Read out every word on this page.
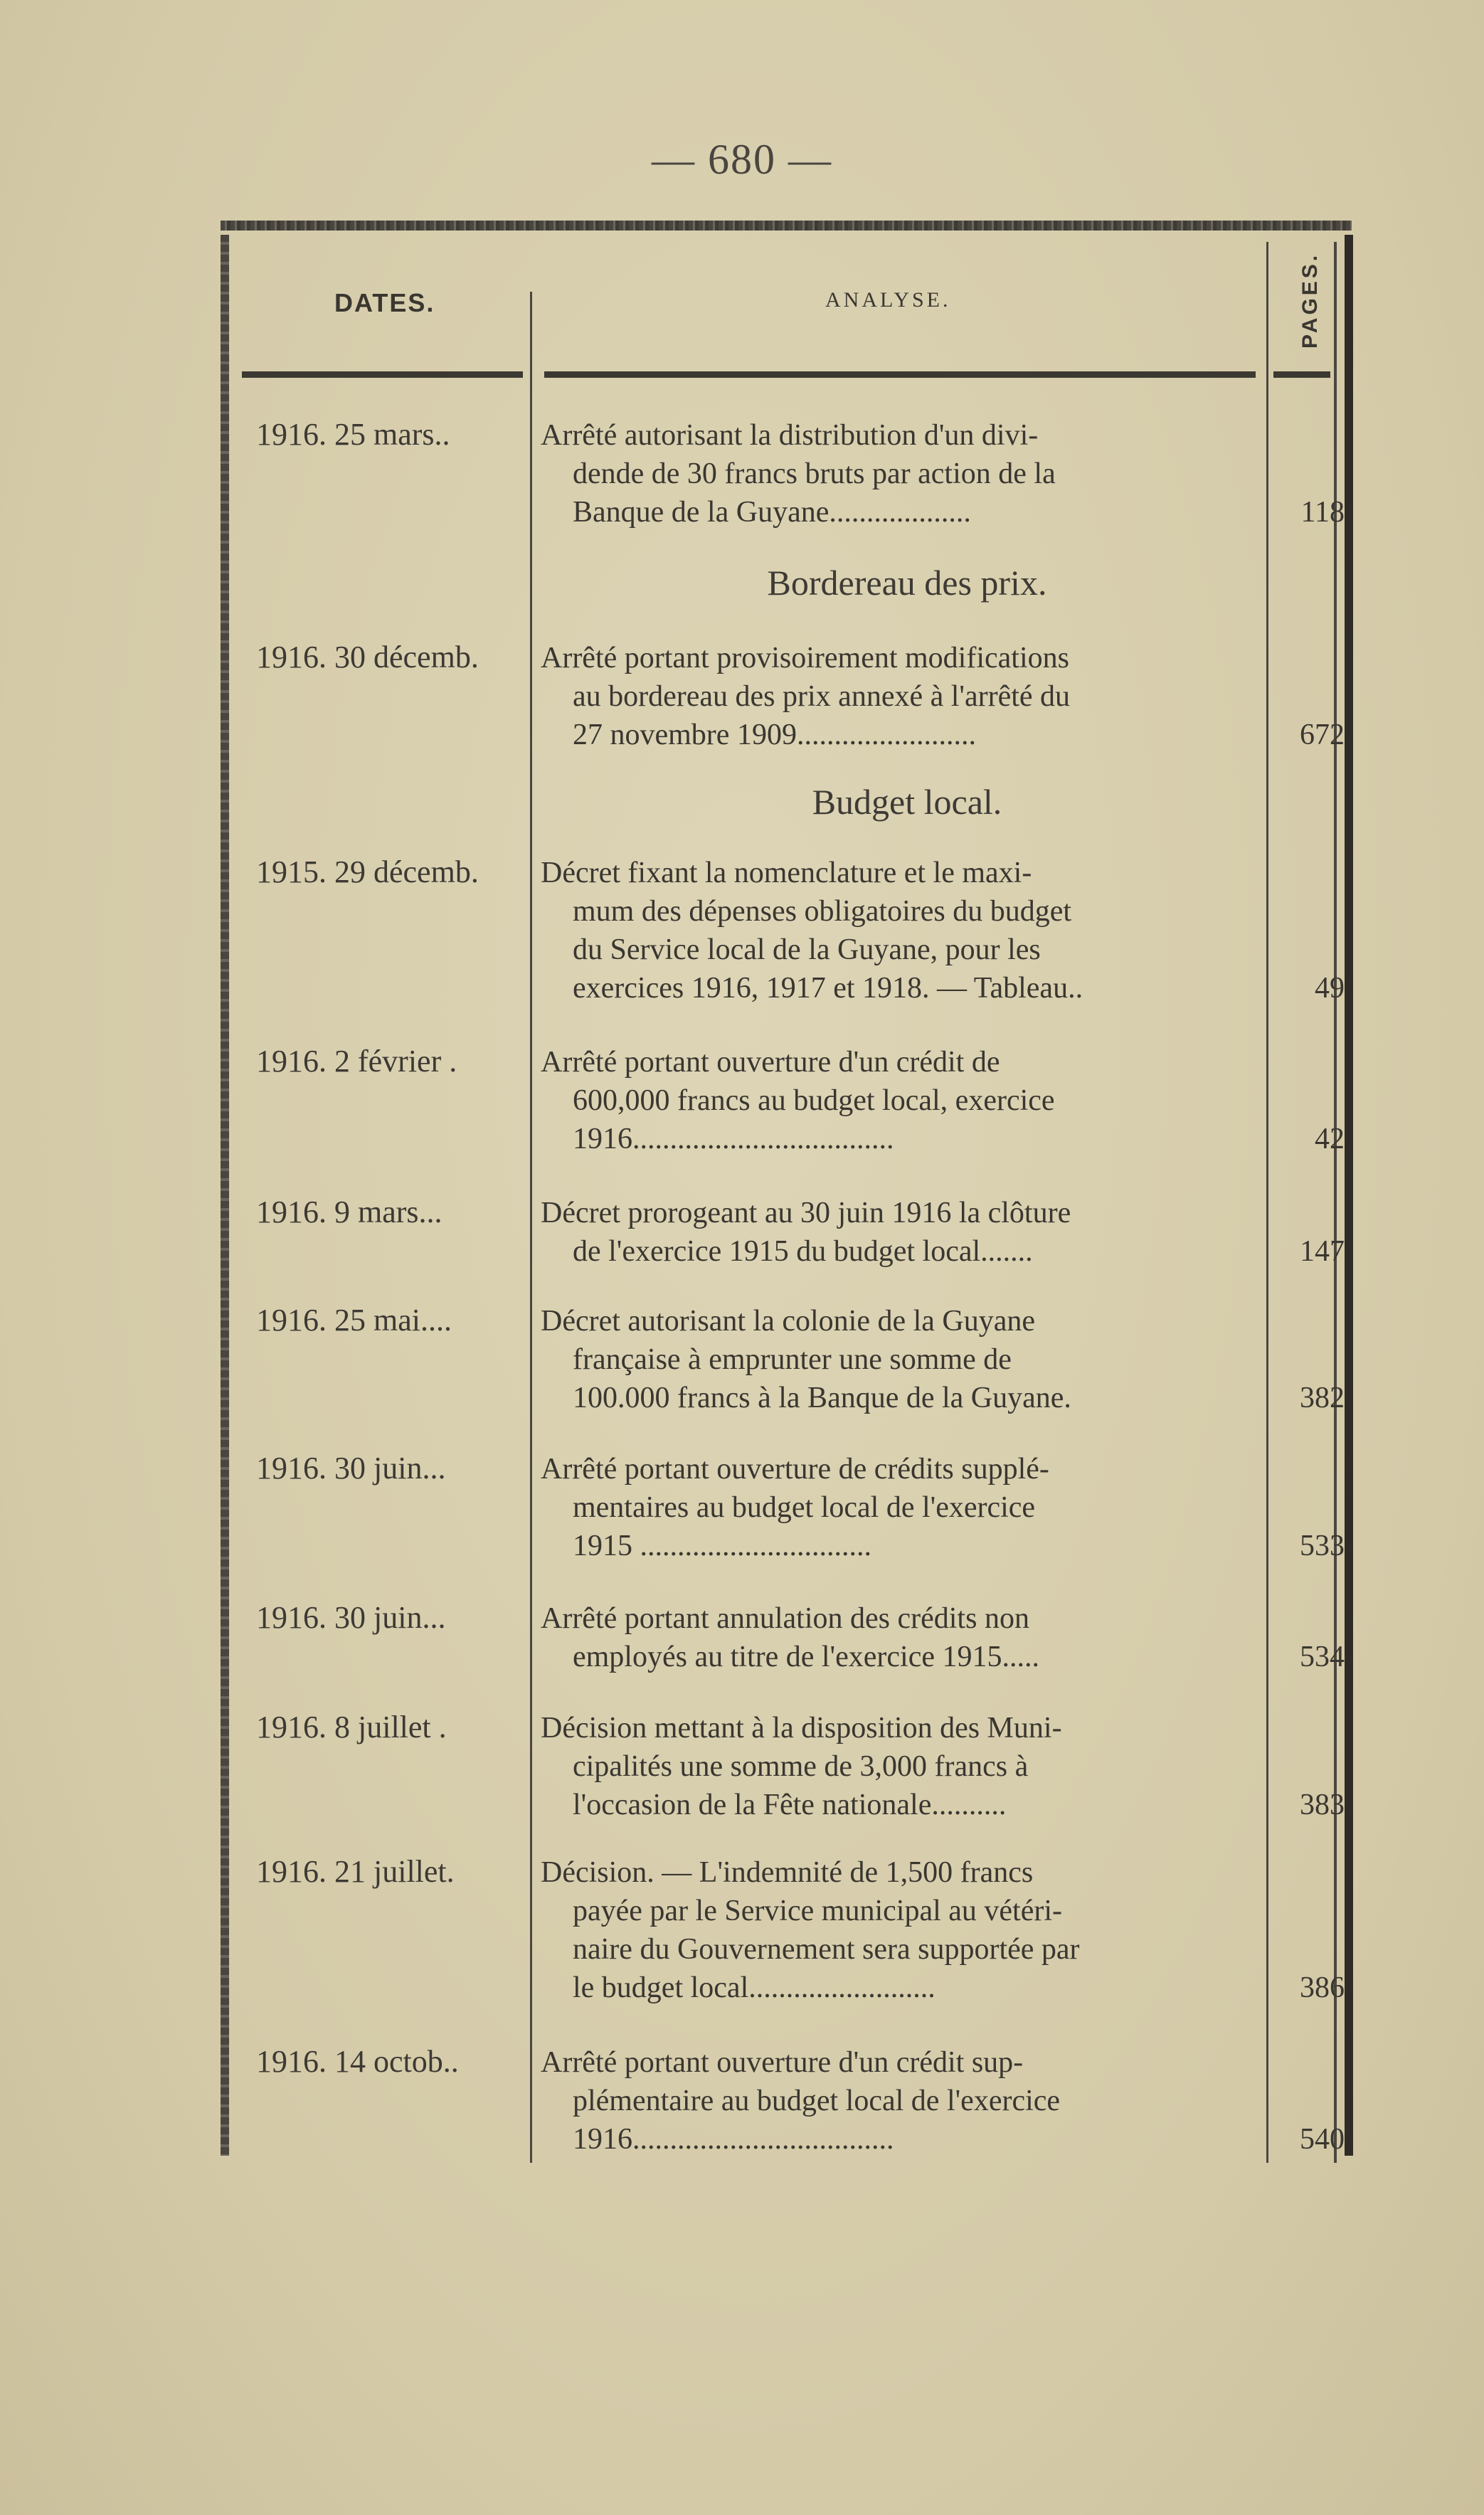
— 680 —
DATES.	ANALYSE.	PAGES.
1916. 25 mars..	Arrêté autorisant la distribution d'un divi-
dende de 30 francs bruts par action de la
Banque de la Guyane...................	118
Bordereau des prix.
1916. 30 décemb.	Arrêté portant provisoirement modifications
au bordereau des prix annexé à l'arrêté du
27 novembre 1909........................	672
Budget local.
1915. 29 décemb.	Décret fixant la nomenclature et le maxi-
mum des dépenses obligatoires du budget
du Service local de la Guyane, pour les
exercices 1916, 1917 et 1918. — Tableau..	49
1916. 2 février .	Arrêté portant ouverture d'un crédit de
600,000 francs au budget local, exercice
1916...................................	42
1916. 9 mars...	Décret prorogeant au 30 juin 1916 la clôture
de l'exercice 1915 du budget local.......	147
1916. 25 mai....	Décret autorisant la colonie de la Guyane
française à emprunter une somme de
100.000 francs à la Banque de la Guyane.	382
1916. 30 juin...	Arrêté portant ouverture de crédits supplé-
mentaires au budget local de l'exercice
1915 ...............................	533
1916. 30 juin...	Arrêté portant annulation des crédits non
employés au titre de l'exercice 1915.....	534
1916. 8 juillet .	Décision mettant à la disposition des Muni-
cipalités une somme de 3,000 francs à
l'occasion de la Fête nationale..........	383
1916. 21 juillet.	Décision. — L'indemnité de 1,500 francs
payée par le Service municipal au vétéri-
naire du Gouvernement sera supportée par
le budget local.........................	386
1916. 14 octob..	Arrêté portant ouverture d'un crédit sup-
plémentaire au budget local de l'exercice
1916...................................	540
